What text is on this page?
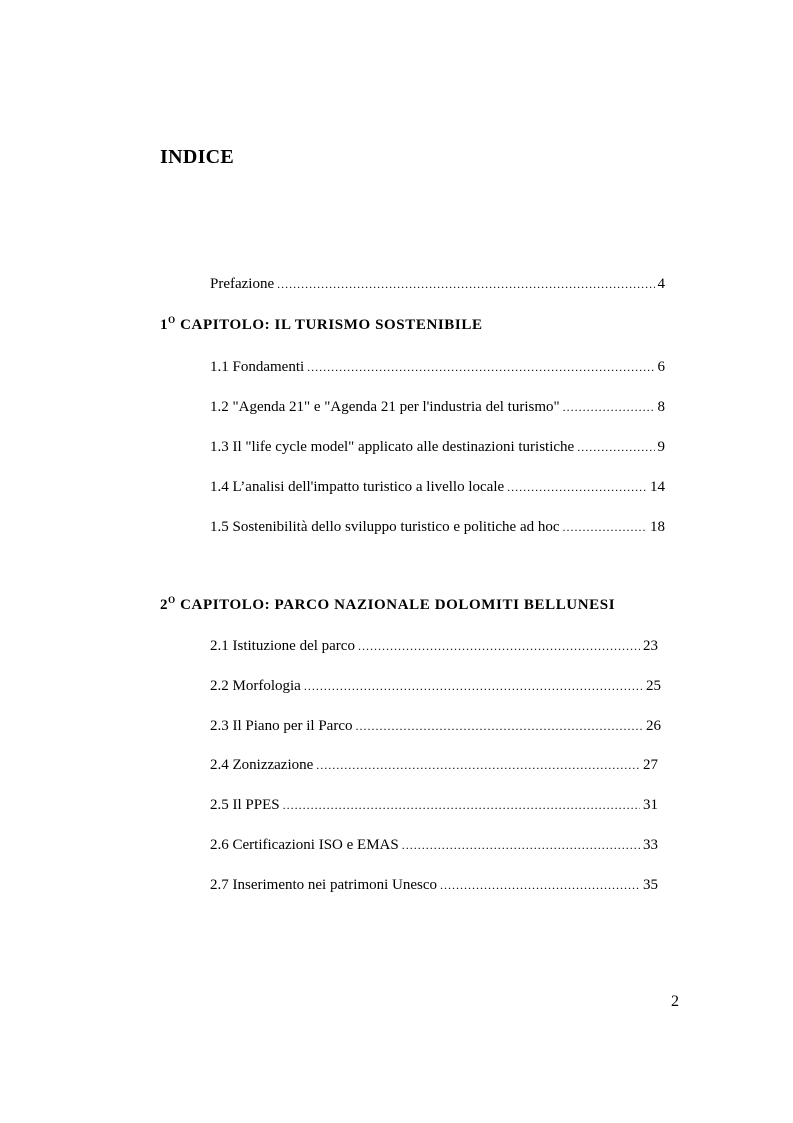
INDICE
Prefazione .....	4
$1^O$ CAPITOLO: IL TURISMO SOSTENIBILE
1.1 Fondamenti .....	6
1.2 "Agenda 21" e "Agenda 21 per l'industria del turismo" .....	8
1.3 Il "life cycle model" applicato alle destinazioni turistiche .....	9
1.4 L’analisi dell'impatto turistico a livello locale .....	14
1.5 Sostenibilità dello sviluppo turistico e politiche ad hoc .....	18
$2^O$ CAPITOLO: PARCO NAZIONALE DOLOMITI BELLUNESI
2.1 Istituzione del parco .....	23
2.2 Morfologia .....	25
2.3 Il Piano per il Parco .....	26
2.4 Zonizzazione .....	27
2.5 Il PPES .....	31
2.6 Certificazioni ISO e EMAS .....	33
2.7 Inserimento nei patrimoni Unesco .....	35
2
